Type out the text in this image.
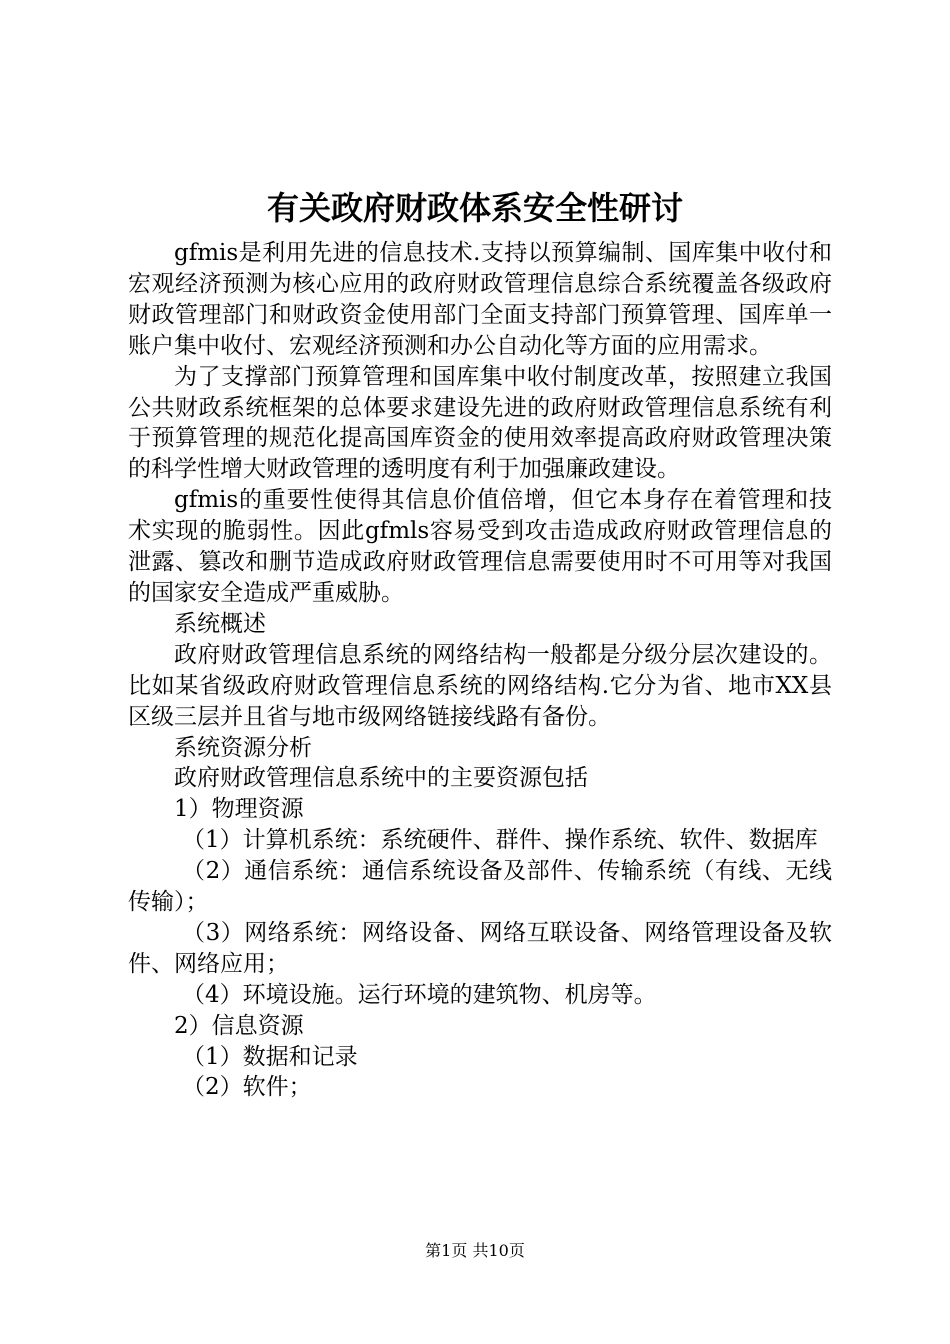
有关政府财政体系安全性研讨

gfmis是利用先进的信息技术.支持以预算编制、国库集中收付和宏观经济预测为核心应用的政府财政管理信息综合系统覆盖各级政府财政管理部门和财政资金使用部门全面支持部门预算管理、国库单一账户集中收付、宏观经济预测和办公自动化等方面的应用需求。

为了支撑部门预算管理和国库集中收付制度改革，按照建立我国公共财政系统框架的总体要求建设先进的政府财政管理信息系统有利于预算管理的规范化提高国库资金的使用效率提高政府财政管理决策的科学性增大财政管理的透明度有利于加强廉政建设。

gfmis的重要性使得其信息价值倍增，但它本身存在着管理和技术实现的脆弱性。因此gfmls容易受到攻击造成政府财政管理信息的泄露、篡改和删节造成政府财政管理信息需要使用时不可用等对我国的国家安全造成严重威胁。

系统概述

政府财政管理信息系统的网络结构一般都是分级分层次建设的。比如某省级政府财政管理信息系统的网络结构.它分为省、地市XX县区级三层并且省与地市级网络链接线路有备份。

系统资源分析

政府财政管理信息系统中的主要资源包括

1）物理资源

（1）计算机系统：系统硬件、群件、操作系统、软件、数据库

（2）通信系统：通信系统设备及部件、传输系统（有线、无线传输）；

（3）网络系统：网络设备、网络互联设备、网络管理设备及软件、网络应用；

（4）环境设施。运行环境的建筑物、机房等。

2）信息资源

（1）数据和记录

（2）软件；

第1页 共10页
